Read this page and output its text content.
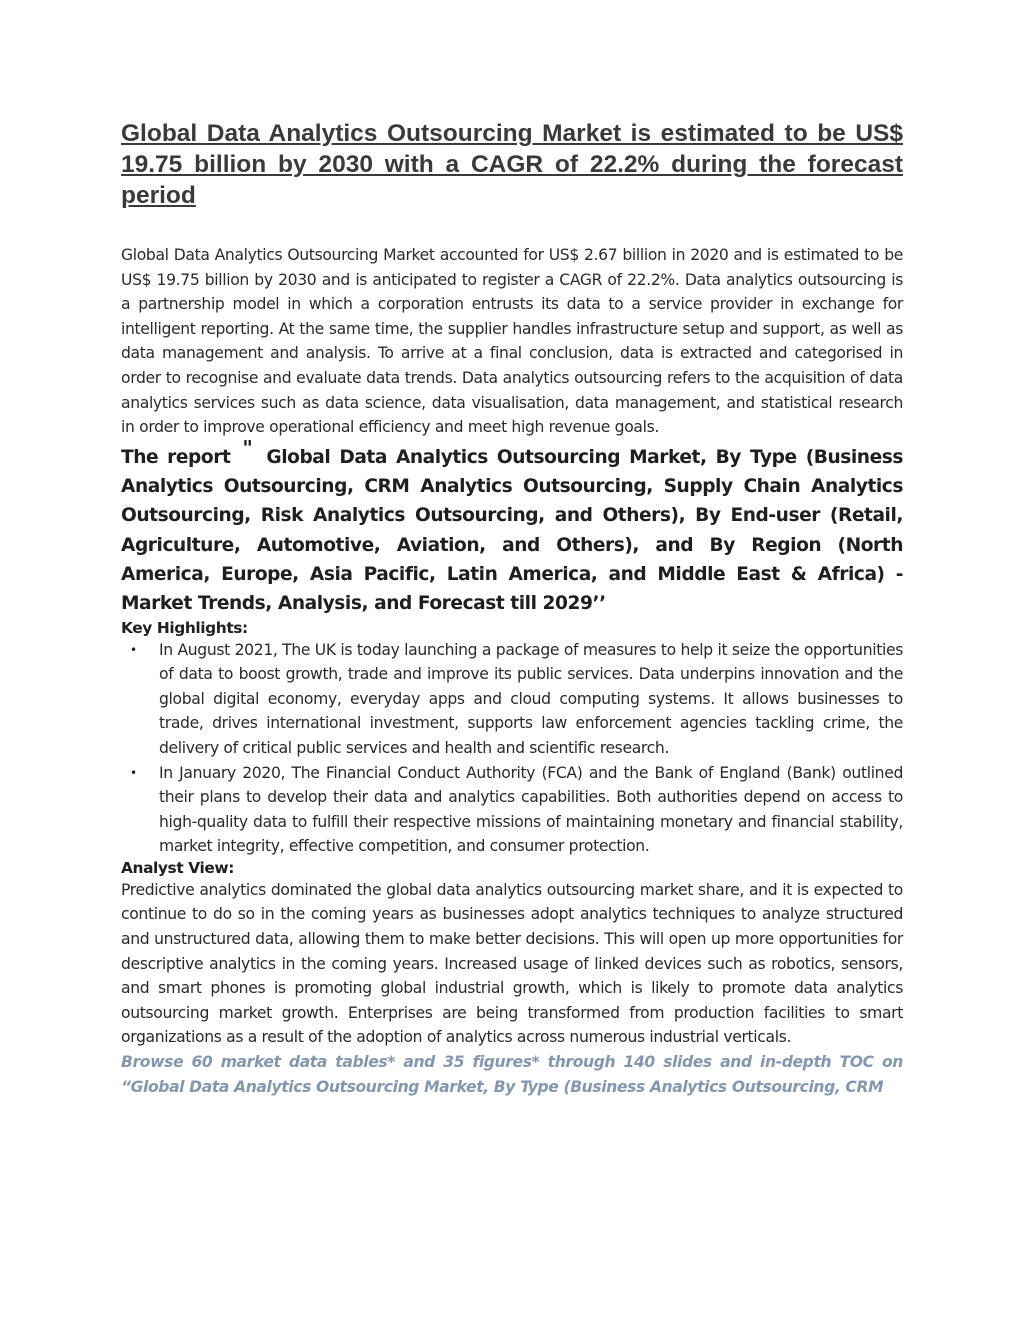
Global Data Analytics Outsourcing Market is estimated to be US$ 19.75 billion by 2030 with a CAGR of 22.2% during the forecast period

Global Data Analytics Outsourcing Market accounted for US$ 2.67 billion in 2020 and is estimated to be US$ 19.75 billion by 2030 and is anticipated to register a CAGR of 22.2%. Data analytics outsourcing is a partnership model in which a corporation entrusts its data to a service provider in exchange for intelligent reporting. At the same time, the supplier handles infrastructure setup and support, as well as data management and analysis. To arrive at a final conclusion, data is extracted and categorised in order to recognise and evaluate data trends. Data analytics outsourcing refers to the acquisition of data analytics services such as data science, data visualisation, data management, and statistical research in order to improve operational efficiency and meet high revenue goals.

The report " Global Data Analytics Outsourcing Market, By Type (Business Analytics Outsourcing, CRM Analytics Outsourcing, Supply Chain Analytics Outsourcing, Risk Analytics Outsourcing, and Others), By End-user (Retail, Agriculture, Automotive, Aviation, and Others), and By Region (North America, Europe, Asia Pacific, Latin America, and Middle East & Africa) - Market Trends, Analysis, and Forecast till 2029’’

Key Highlights:

• In August 2021, The UK is today launching a package of measures to help it seize the opportunities of data to boost growth, trade and improve its public services. Data underpins innovation and the global digital economy, everyday apps and cloud computing systems. It allows businesses to trade, drives international investment, supports law enforcement agencies tackling crime, the delivery of critical public services and health and scientific research.

• In January 2020, The Financial Conduct Authority (FCA) and the Bank of England (Bank) outlined their plans to develop their data and analytics capabilities. Both authorities depend on access to high-quality data to fulfill their respective missions of maintaining monetary and financial stability, market integrity, effective competition, and consumer protection.

Analyst View:

Predictive analytics dominated the global data analytics outsourcing market share, and it is expected to continue to do so in the coming years as businesses adopt analytics techniques to analyze structured and unstructured data, allowing them to make better decisions. This will open up more opportunities for descriptive analytics in the coming years. Increased usage of linked devices such as robotics, sensors, and smart phones is promoting global industrial growth, which is likely to promote data analytics outsourcing market growth. Enterprises are being transformed from production facilities to smart organizations as a result of the adoption of analytics across numerous industrial verticals.

Browse 60 market data tables* and 35 figures* through 140 slides and in-depth TOC on “Global Data Analytics Outsourcing Market, By Type (Business Analytics Outsourcing, CRM
